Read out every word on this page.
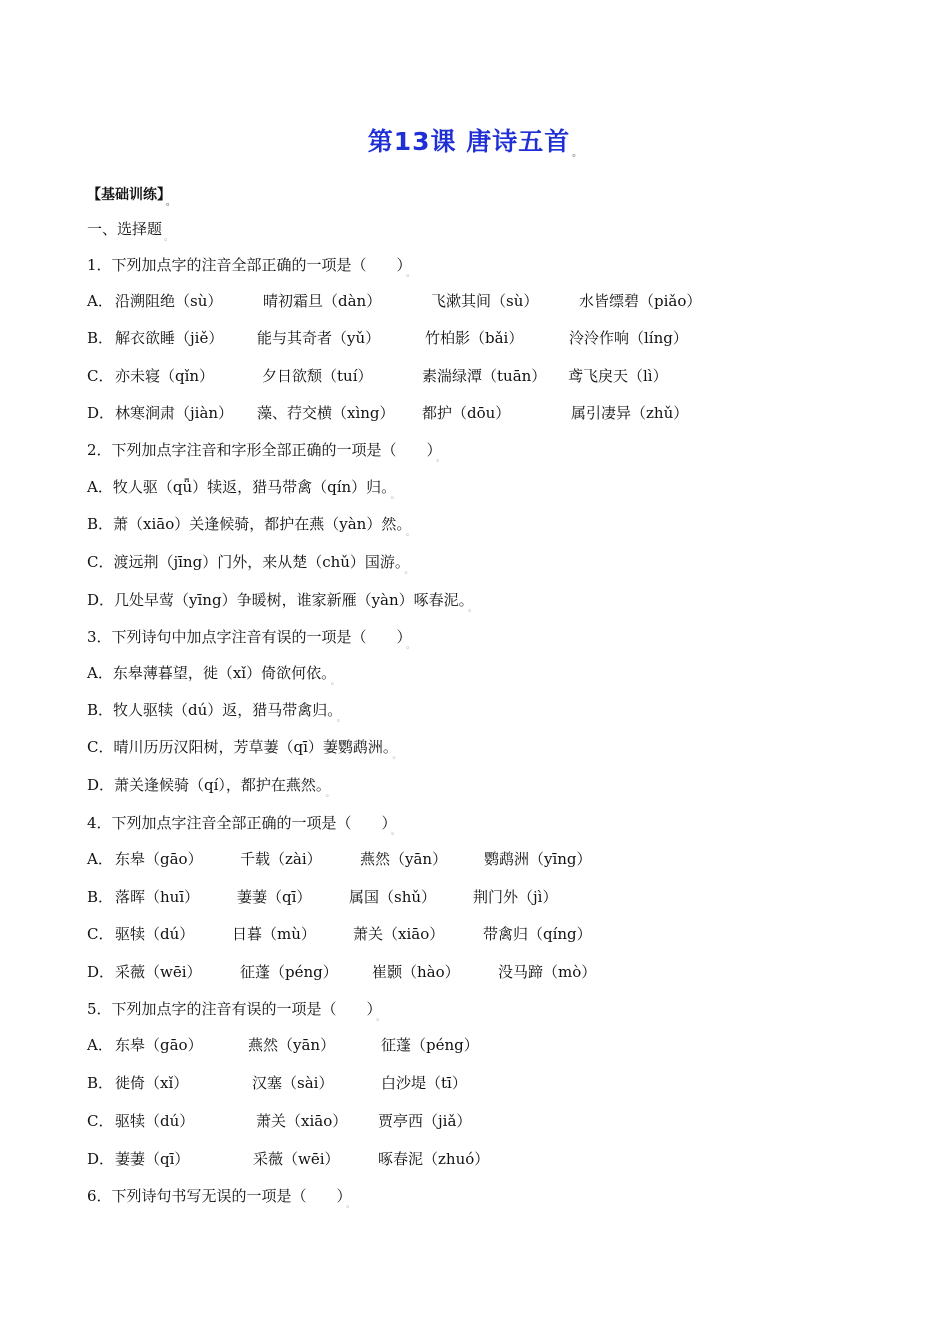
第13课 唐诗五首 $_。$
【基础训练】 $_。$
一、选择题 $_。$
1．下列加点字的注音全部正确的一项是（　　） $_。$
A． 沿溯阻绝（sù）	晴初霜旦（dàn）	飞漱其间（sù）	水皆缥碧（piǎo）
B． 解衣欲睡（jiě） 能与其奇者（yǔ）	竹柏影（bǎi）	泠泠作响（líng）
C． 亦未寝（qǐn）	夕日欲颓（tuí）	素湍绿潭（tuān） 鸢飞戾天（lì）
D． 林寒涧肃（jiàn） 藻、荇交横（xìng） 都护（dōu）	属引凄异（zhǔ）
2．下列加点字注音和字形全部正确的一项是（　　） $_。$
A．牧人驱（qǖ）犊返，猎马带禽（qín）归。 $_。$
B．萧（xiāo）关逢候骑，都护在燕（yàn）然。 $_。$
C．渡远荆（jīng）门外，来从楚（chǔ）国游。 $_。$
D．几处早莺（yīng）争暖树，谁家新雁（yàn）啄春泥。 $_。$
3．下列诗句中加点字注音有误的一项是（　　） $_。$
A．东皋薄暮望，徙（xǐ）倚欲何依。 $_。$
B．牧人驱犊（dú）返，猎马带禽归。 $_。$
C．晴川历历汉阳树，芳草萋（qī）萋鹦鹉洲。 $_。$
D．萧关逢候骑（qí），都护在燕然。 $_。$
4．下列加点字注音全部正确的一项是（　　） $_。$
A． 东皋（gāo） 千载（zài）	燕然（yān） 鹦鹉洲（yīng）
B． 落晖（huī）	萋萋（qī）	属国（shǔ） 荆门外（jì）
C． 驱犊（dú）	日暮（mù） 萧关（xiāo）	带禽归（qíng）
D． 采薇（wēi）	征蓬（péng） 崔颢（hào）	没马蹄（mò）
5．下列加点字的注音有误的一项是（　　） $_。$
A． 东皋（gāo）	燕然（yān）	征蓬（péng）
B． 徙倚（xǐ）	汉塞（sài）	白沙堤（tī）
C． 驱犊（dú）	萧关（xiāo） 贾亭西（jiǎ）
D． 萋萋（qī）	采薇（wēi）	啄春泥（zhuó）
6．下列诗句书写无误的一项是（　　） $_。$
